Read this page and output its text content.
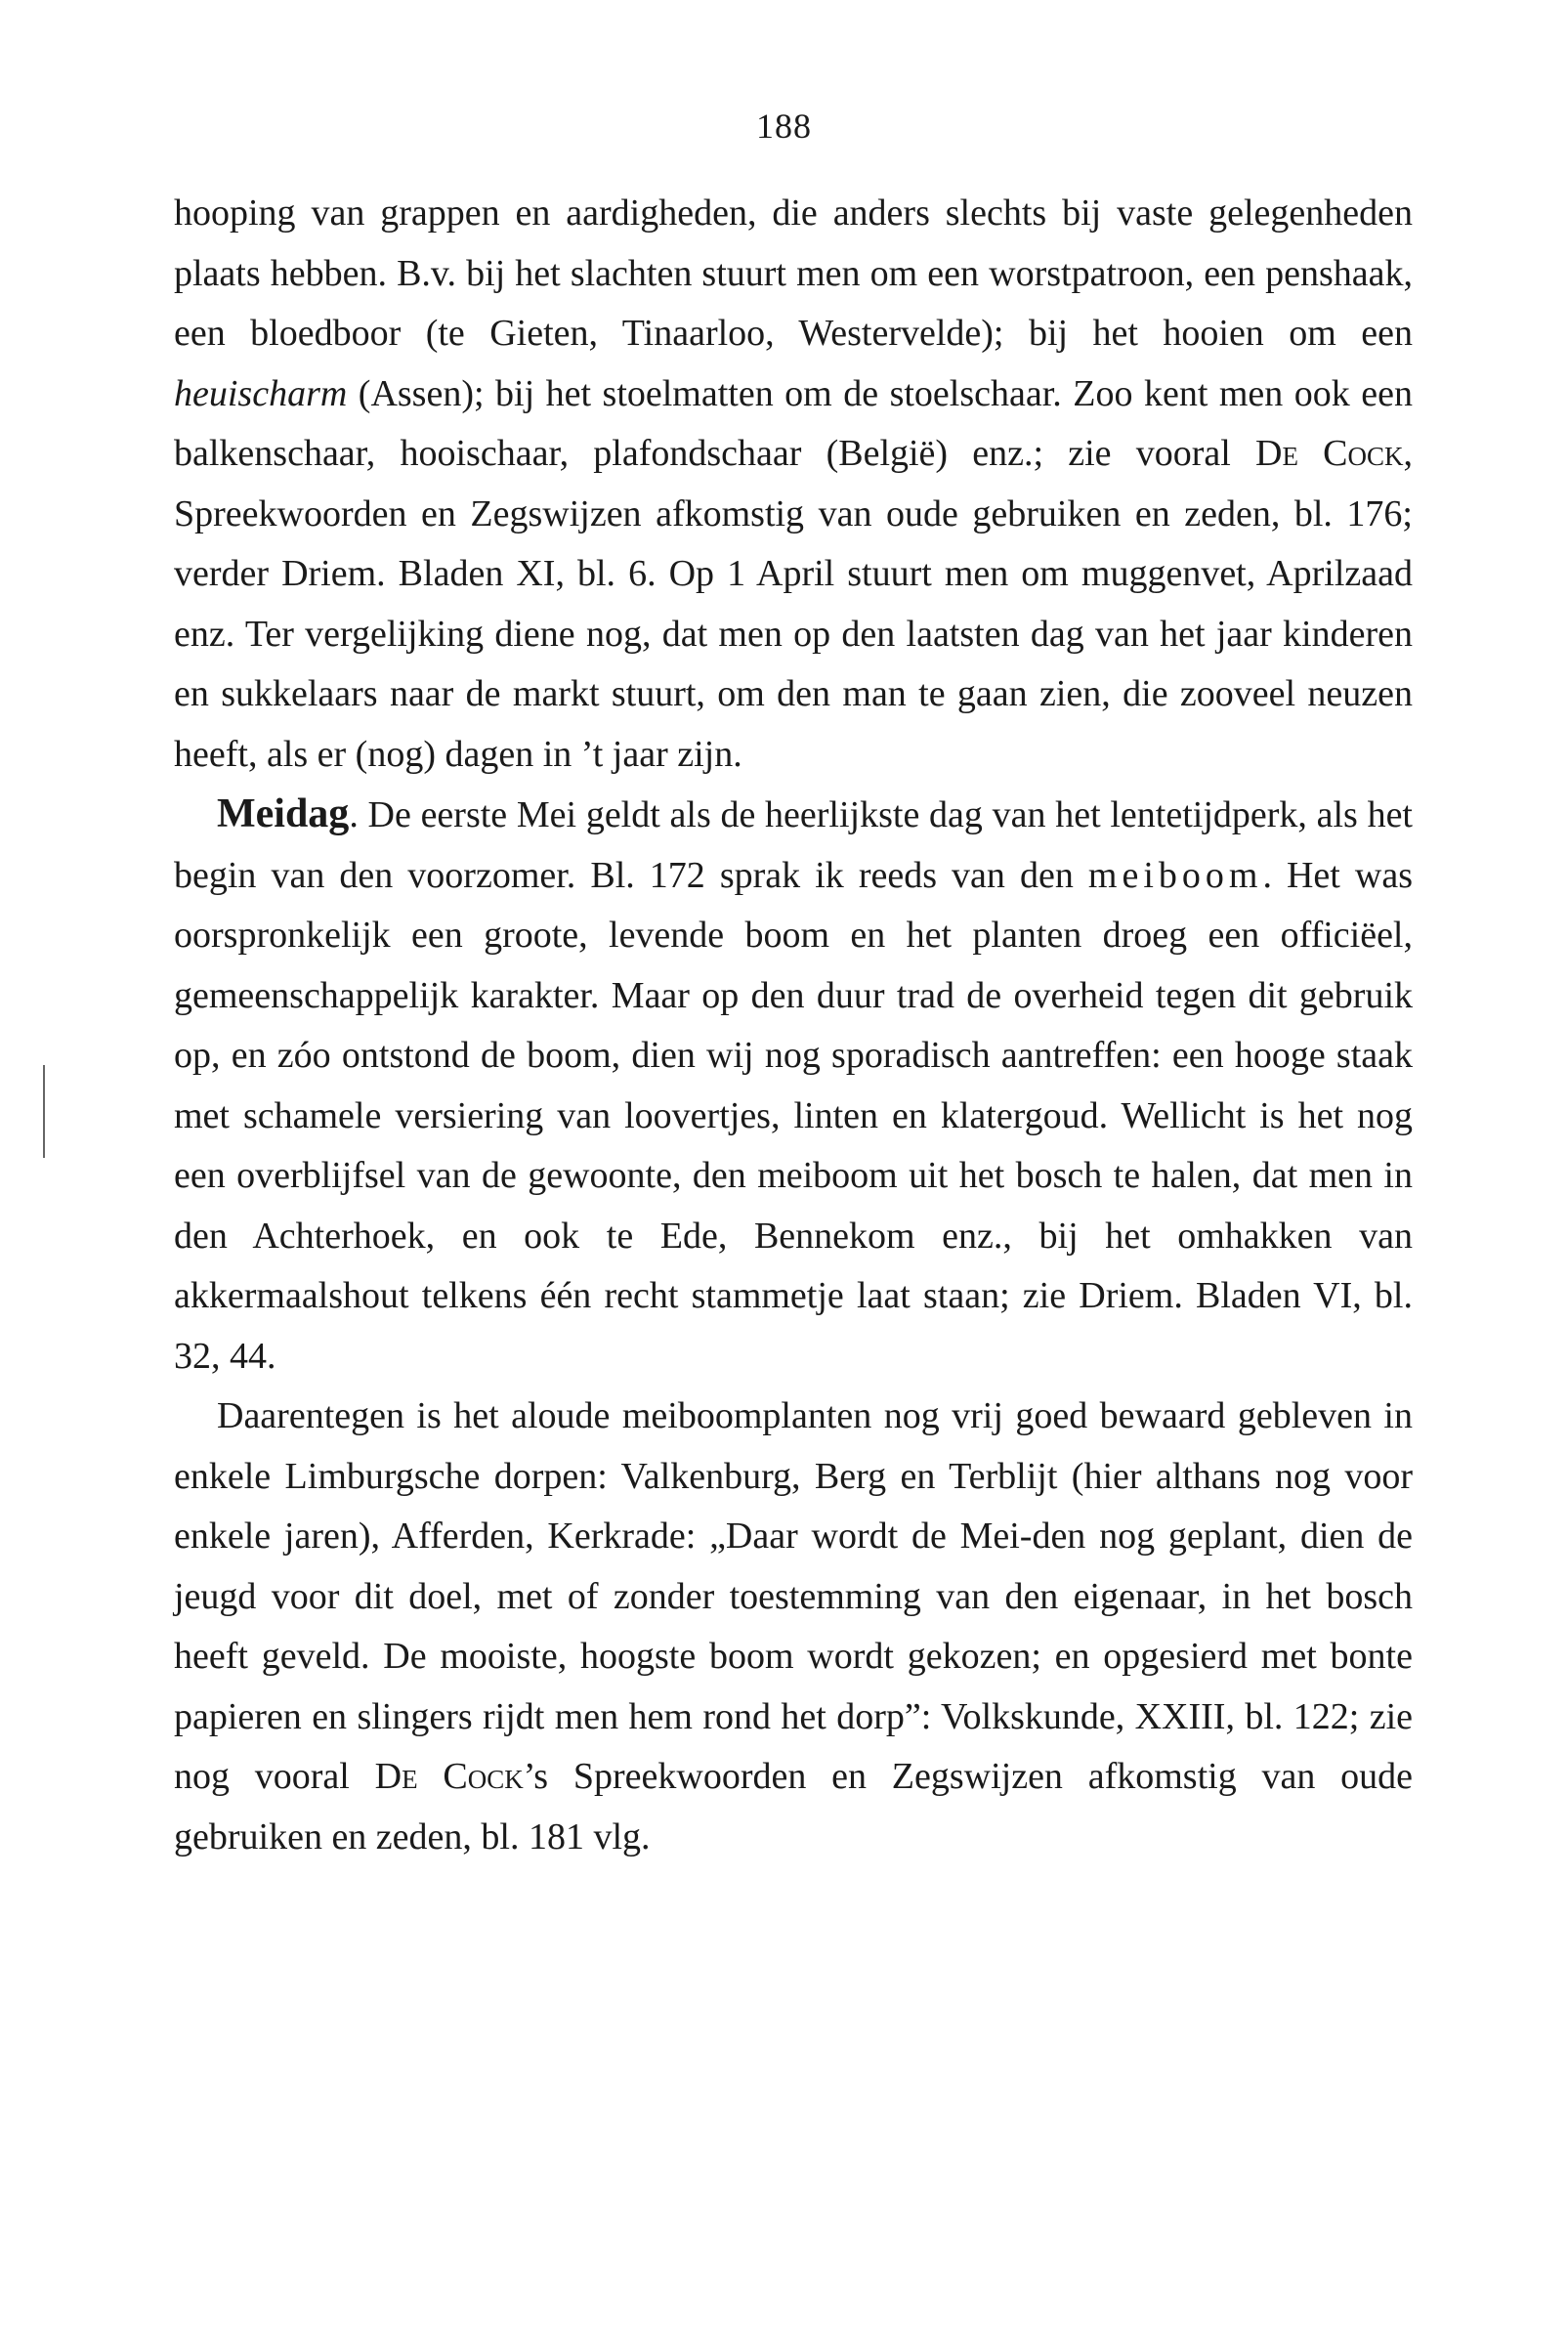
188

hooping van grappen en aardigheden, die anders slechts bij vaste gelegenheden plaats hebben. B.v. bij het slachten stuurt men om een worstpatroon, een penshaak, een bloedboor (te Gieten, Tinaarloo, Westervelde); bij het hooien om een heuischarm (Assen); bij het stoelmatten om de stoelschaar. Zoo kent men ook een balkenschaar, hooischaar, plafondschaar (België) enz.; zie vooral De Cock, Spreekwoorden en Zegswijzen afkomstig van oude gebruiken en zeden, bl. 176; verder Driem. Bladen XI, bl. 6. Op 1 April stuurt men om muggenvet, Aprilzaad enz. Ter vergelijking diene nog, dat men op den laatsten dag van het jaar kinderen en sukkelaars naar de markt stuurt, om den man te gaan zien, die zooveel neuzen heeft, als er (nog) dagen in ’t jaar zijn.

Meidag. De eerste Mei geldt als de heerlijkste dag van het lentetijdperk, als het begin van den voorzomer. Bl. 172 sprak ik reeds van den meiboom. Het was oorspronkelijk een groote, levende boom en het planten droeg een officiëel, gemeenschappelijk karakter. Maar op den duur trad de overheid tegen dit gebruik op, en zóo ontstond de boom, dien wij nog sporadisch aantreffen: een hooge staak met schamele versiering van loovertjes, linten en klatergoud. Wellicht is het nog een overblijfsel van de gewoonte, den meiboom uit het bosch te halen, dat men in den Achterhoek, en ook te Ede, Bennekom enz., bij het omhakken van akkermaalshout telkens één recht stammetje laat staan; zie Driem. Bladen VI, bl. 32, 44.

Daarentegen is het aloude meiboomplanten nog vrij goed bewaard gebleven in enkele Limburgsche dorpen: Valkenburg, Berg en Terblijt (hier althans nog voor enkele jaren), Afferden, Kerkrade: „Daar wordt de Mei-den nog geplant, dien de jeugd voor dit doel, met of zonder toestemming van den eigenaar, in het bosch heeft geveld. De mooiste, hoogste boom wordt gekozen; en opgesierd met bonte papieren en slingers rijdt men hem rond het dorp”: Volkskunde, XXIII, bl. 122; zie nog vooral De Cock’s Spreekwoorden en Zegswijzen afkomstig van oude gebruiken en zeden, bl. 181 vlg.
